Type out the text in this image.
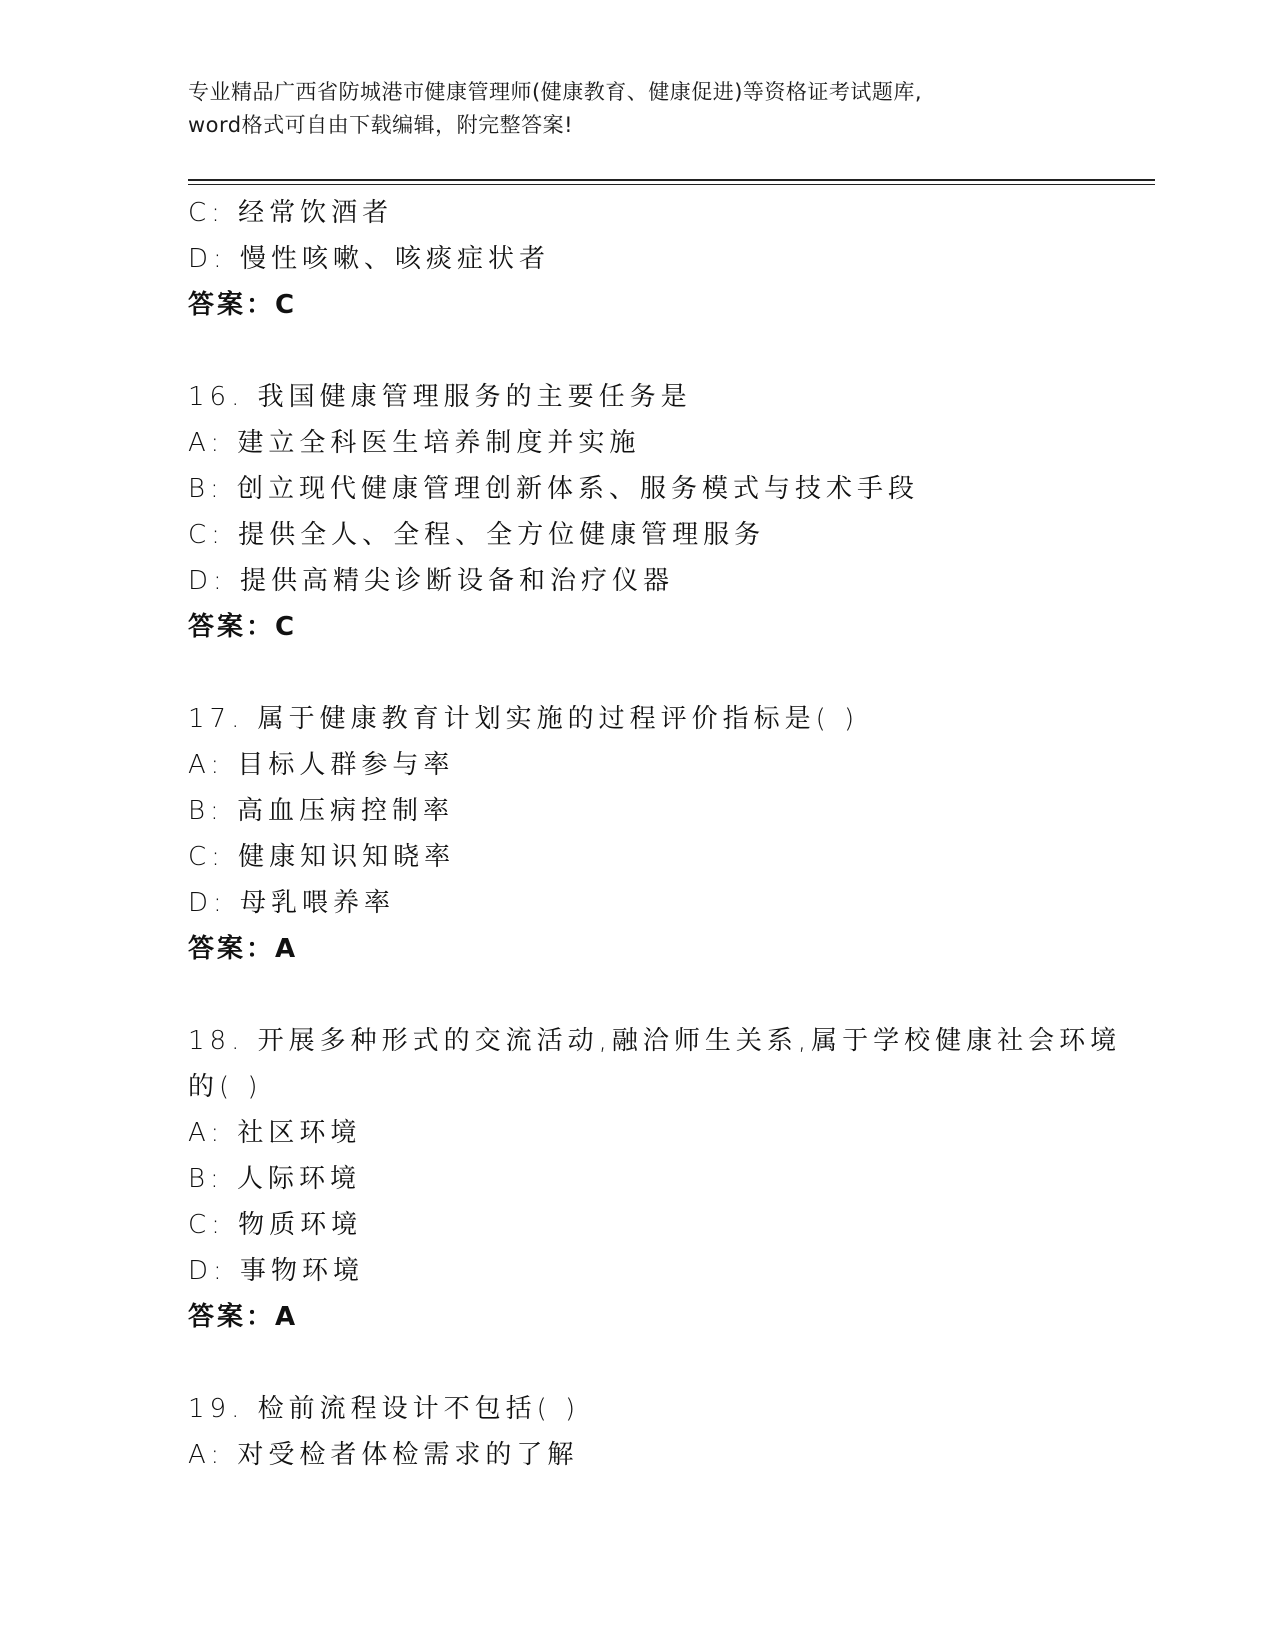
专业精品广西省防城港市健康管理师(健康教育、健康促进)等资格证考试题库,
word格式可自由下载编辑，附完整答案!
C: 经常饮酒者
D: 慢性咳嗽、咳痰症状者
答案：C
16. 我国健康管理服务的主要任务是
A: 建立全科医生培养制度并实施
B: 创立现代健康管理创新体系、服务模式与技术手段
C: 提供全人、全程、全方位健康管理服务
D: 提供高精尖诊断设备和治疗仪器
答案：C
17. 属于健康教育计划实施的过程评价指标是( )
A: 目标人群参与率
B: 高血压病控制率
C: 健康知识知晓率
D: 母乳喂养率
答案：A
18. 开展多种形式的交流活动,融洽师生关系,属于学校健康社会环境
的( )
A: 社区环境
B: 人际环境
C: 物质环境
D: 事物环境
答案：A
19. 检前流程设计不包括( )
A: 对受检者体检需求的了解
